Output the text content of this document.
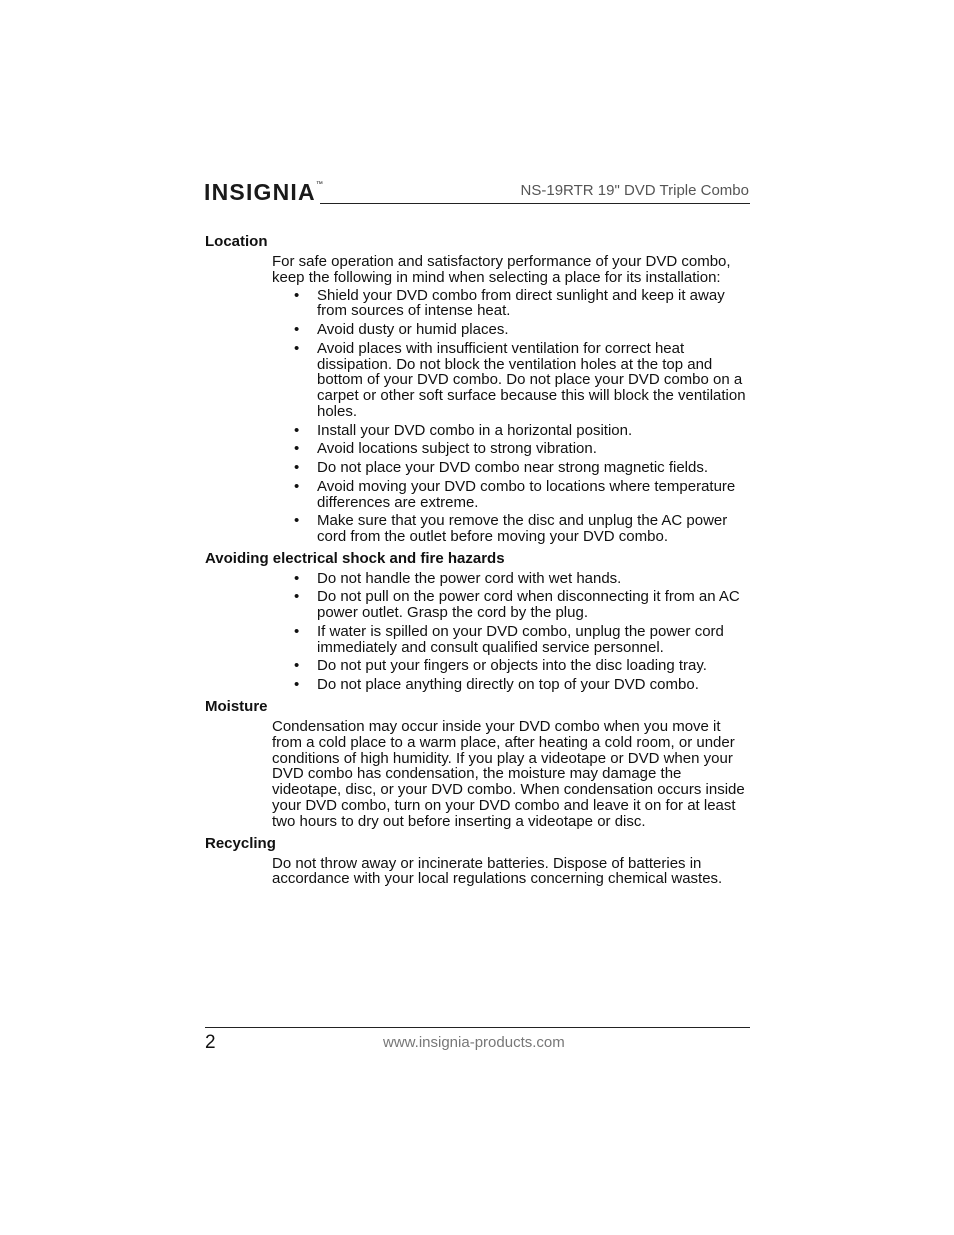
INSIGNIA™	NS-19RTR 19" DVD Triple Combo
Location

For safe operation and satisfactory performance of your DVD combo, keep the following in mind when selecting a place for its installation:

• Shield your DVD combo from direct sunlight and keep it away from sources of intense heat.
• Avoid dusty or humid places.
• Avoid places with insufficient ventilation for correct heat dissipation. Do not block the ventilation holes at the top and bottom of your DVD combo. Do not place your DVD combo on a carpet or other soft surface because this will block the ventilation holes.
• Install your DVD combo in a horizontal position.
• Avoid locations subject to strong vibration.
• Do not place your DVD combo near strong magnetic fields.
• Avoid moving your DVD combo to locations where temperature differences are extreme.
• Make sure that you remove the disc and unplug the AC power cord from the outlet before moving your DVD combo.
Avoiding electrical shock and fire hazards
• Do not handle the power cord with wet hands.
• Do not pull on the power cord when disconnecting it from an AC power outlet. Grasp the cord by the plug.
• If water is spilled on your DVD combo, unplug the power cord immediately and consult qualified service personnel.
• Do not put your fingers or objects into the disc loading tray.
• Do not place anything directly on top of your DVD combo.
Moisture

Condensation may occur inside your DVD combo when you move it from a cold place to a warm place, after heating a cold room, or under conditions of high humidity. If you play a videotape or DVD when your DVD combo has condensation, the moisture may damage the videotape, disc, or your DVD combo. When condensation occurs inside your DVD combo, turn on your DVD combo and leave it on for at least two hours to dry out before inserting a videotape or disc.

Recycling

Do not throw away or incinerate batteries. Dispose of batteries in accordance with your local regulations concerning chemical wastes.

2	www.insignia-products.com
